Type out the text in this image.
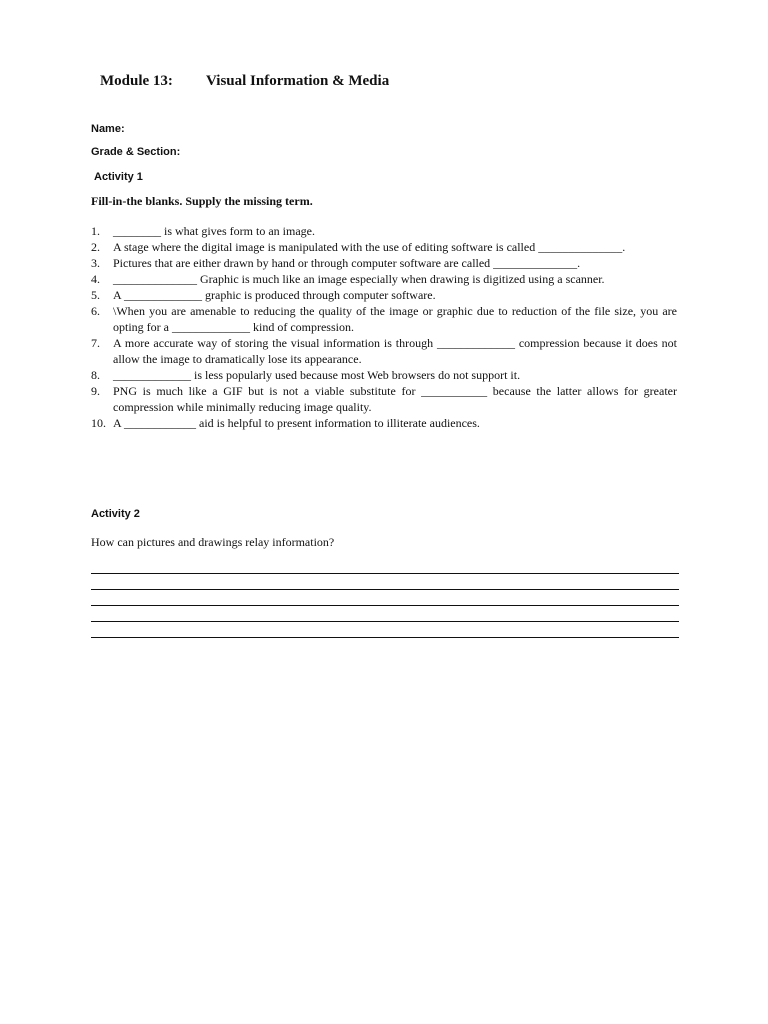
Module 13: Visual Information & Media

Name:

Grade & Section:

Activity 1

Fill-in-the blanks. Supply the missing term.

1. ________ is what gives form to an image.
2. A stage where the digital image is manipulated with the use of editing software is called ______________.
3. Pictures that are either drawn by hand or through computer software are called ______________.
4. ______________ Graphic is much like an image especially when drawing is digitized using a scanner.
5. A _____________ graphic is produced through computer software.
6. \When you are amenable to reducing the quality of the image or graphic due to reduction of the file size, you are opting for a _____________ kind of compression.
7. A more accurate way of storing the visual information is through _____________ compression because it does not allow the image to dramatically lose its appearance.
8. _____________ is less popularly used because most Web browsers do not support it.
9. PNG is much like a GIF but is not a viable substitute for ___________ because the latter allows for greater compression while minimally reducing image quality.
10. A ____________ aid is helpful to present information to illiterate audiences.

Activity 2

How can pictures and drawings relay information?
